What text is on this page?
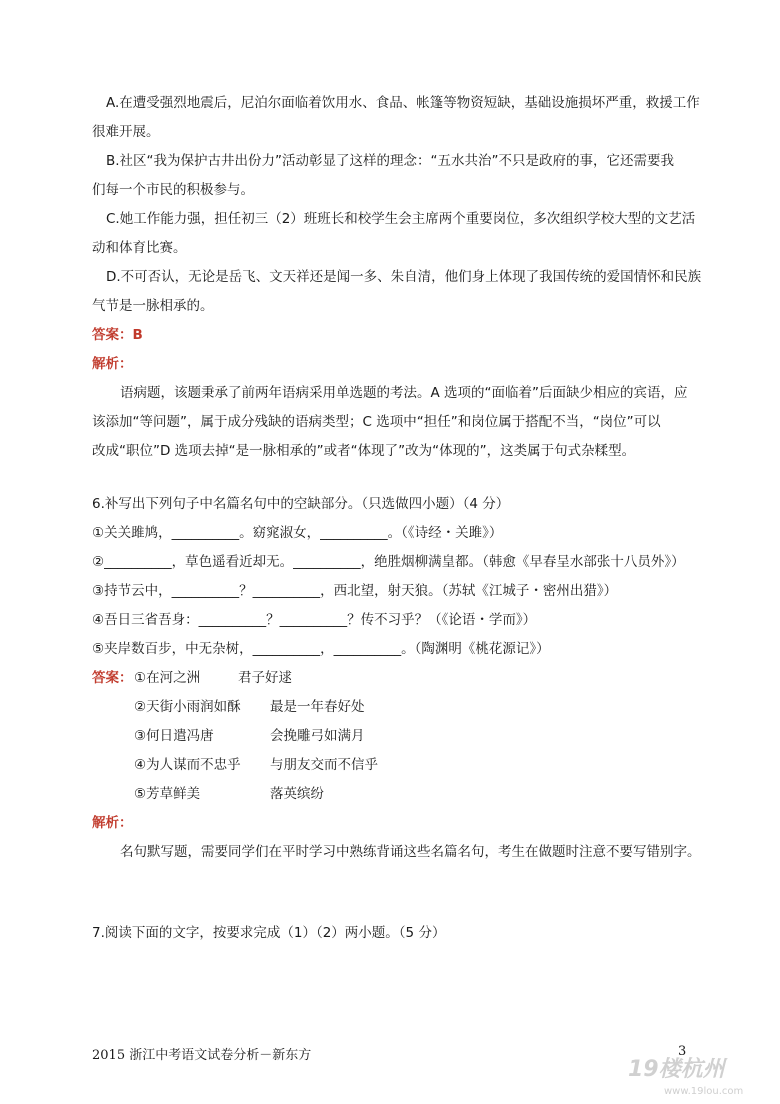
A.在遭受强烈地震后，尼泊尔面临着饮用水、食品、帐篷等物资短缺，基础设施损坏严重，救援工作
很难开展。
B.社区“我为保护古井出份力”活动彰显了这样的理念：“五水共治”不只是政府的事，它还需要我
们每一个市民的积极参与。
C.她工作能力强，担任初三（2）班班长和校学生会主席两个重要岗位，多次组织学校大型的文艺活
动和体育比赛。
D.不可否认，无论是岳飞、文天祥还是闻一多、朱自清，他们身上体现了我国传统的爱国情怀和民族
气节是一脉相承的。
答案：B
解析：
语病题，该题秉承了前两年语病采用单选题的考法。A 选项的“面临着”后面缺少相应的宾语，应
该添加“等问题”，属于成分残缺的语病类型；C 选项中“担任”和岗位属于搭配不当，“岗位”可以
改成“职位”D 选项去掉“是一脉相承的”或者“体现了”改为“体现的”，这类属于句式杂糅型。
6.补写出下列句子中名篇名句中的空缺部分。（只选做四小题）（4 分）
①关关雎鸠，__________。窈窕淑女，__________。（《诗经・关雎》）
②__________，草色遥看近却无。__________，绝胜烟柳满皇都。（韩愈《早春呈水部张十八员外》）
③持节云中，__________？__________，西北望，射天狼。（苏轼《江城子・密州出猎》）
④吾日三省吾身：__________？__________？传不习乎？（《论语・学而》）
⑤夹岸数百步，中无杂树，__________，__________。（陶渊明《桃花源记》）
答案： ①在河之洲	君子好逑
②天街小雨润如酥 最是一年春好处
③何日遣冯唐	会挽雕弓如满月
④为人谋而不忠乎 与朋友交而不信乎
⑤芳草鲜美	落英缤纷
解析：
名句默写题，需要同学们在平时学习中熟练背诵这些名篇名句，考生在做题时注意不要写错别字。
7.阅读下面的文字，按要求完成（1）（2）两小题。（5 分）
2015 浙江中考语文试卷分析－新东方	3
19楼杭州
www.19lou.com
